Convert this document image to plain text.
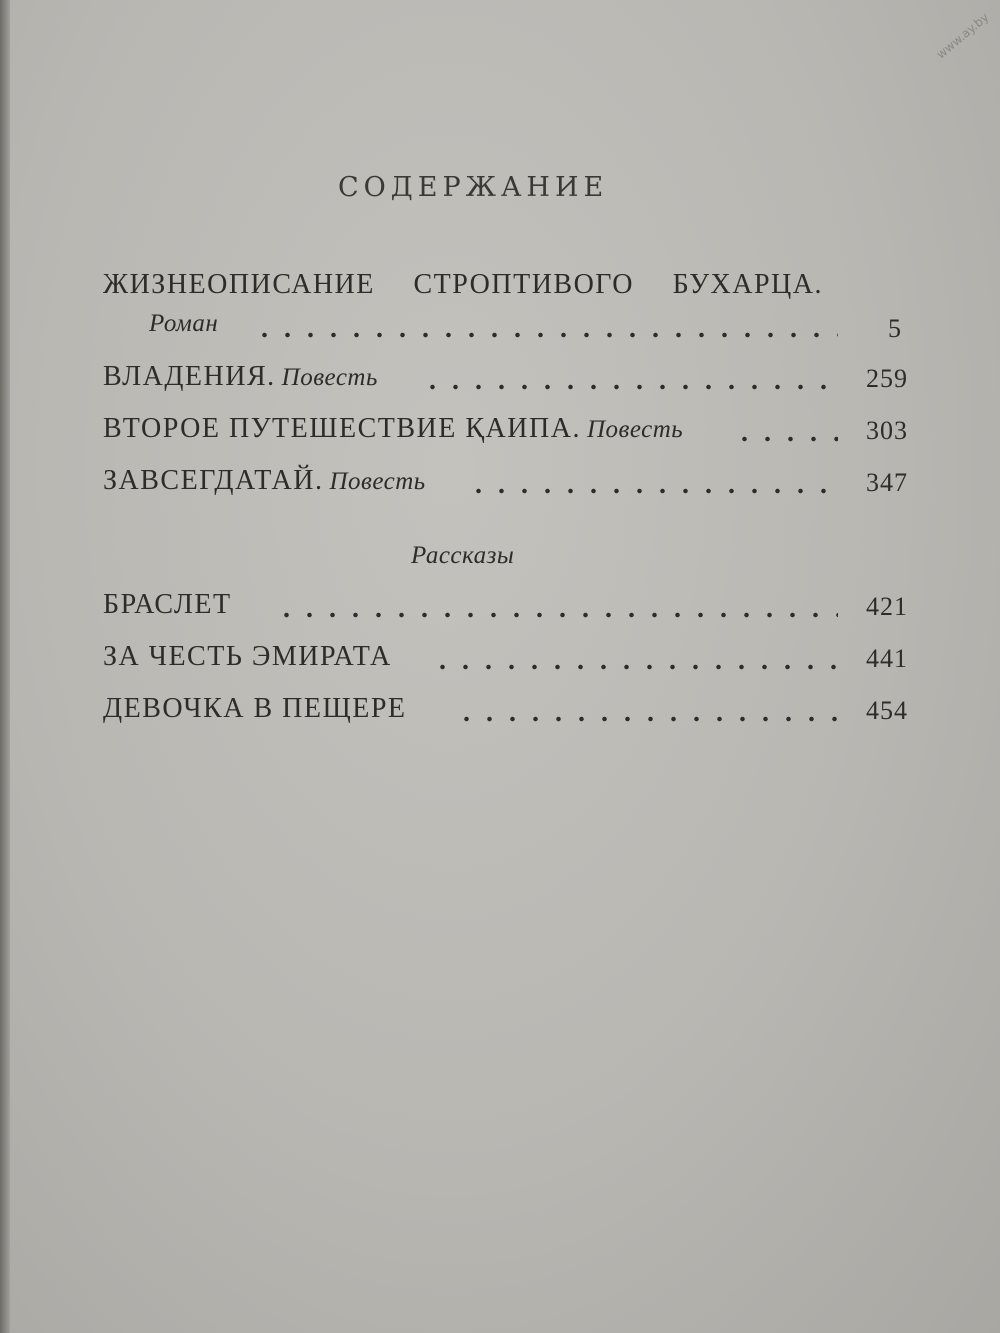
www.ay.by
СОДЕРЖАНИЕ
ЖИЗНЕОПИСАНИЕ СТРОПТИВОГО БУХАРЦА.
Роман	5
ВЛАДЕНИЯ. Повесть	259
ВТОРОЕ ПУТЕШЕСТВИЕ ҚАИПА. Повесть	303
ЗАВСЕГДАТАЙ. Повесть	347
Рассказы
БРАСЛЕТ	421
ЗА ЧЕСТЬ ЭМИРАТА	441
ДЕВОЧКА В ПЕЩЕРЕ	454
